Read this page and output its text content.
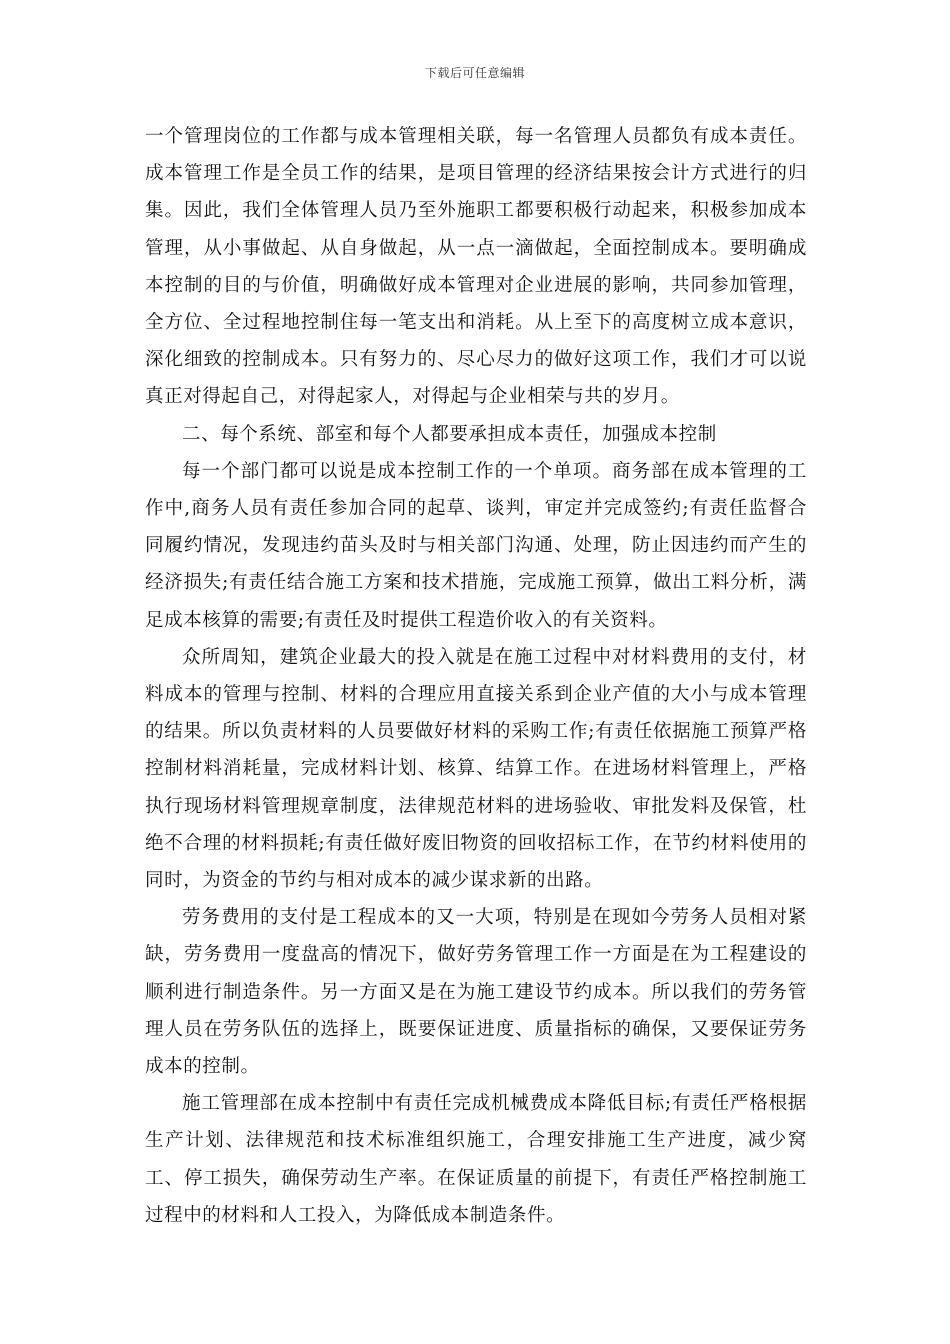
下载后可任意编辑

一个管理岗位的工作都与成本管理相关联，每一名管理人员都负有成本责任。成本管理工作是全员工作的结果，是项目管理的经济结果按会计方式进行的归集。因此，我们全体管理人员乃至外施职工都要积极行动起来，积极参加成本管理，从小事做起、从自身做起，从一点一滴做起，全面控制成本。要明确成本控制的目的与价值，明确做好成本管理对企业进展的影响，共同参加管理，全方位、全过程地控制住每一笔支出和消耗。从上至下的高度树立成本意识，深化细致的控制成本。只有努力的、尽心尽力的做好这项工作，我们才可以说真正对得起自己，对得起家人，对得起与企业相荣与共的岁月。

二、每个系统、部室和每个人都要承担成本责任，加强成本控制

每一个部门都可以说是成本控制工作的一个单项。商务部在成本管理的工作中,商务人员有责任参加合同的起草、谈判，审定并完成签约;有责任监督合同履约情况，发现违约苗头及时与相关部门沟通、处理，防止因违约而产生的经济损失;有责任结合施工方案和技术措施，完成施工预算，做出工料分析，满足成本核算的需要;有责任及时提供工程造价收入的有关资料。

众所周知，建筑企业最大的投入就是在施工过程中对材料费用的支付，材料成本的管理与控制、材料的合理应用直接关系到企业产值的大小与成本管理的结果。所以负责材料的人员要做好材料的采购工作;有责任依据施工预算严格控制材料消耗量，完成材料计划、核算、结算工作。在进场材料管理上，严格执行现场材料管理规章制度，法律规范材料的进场验收、审批发料及保管，杜绝不合理的材料损耗;有责任做好废旧物资的回收招标工作，在节约材料使用的同时，为资金的节约与相对成本的减少谋求新的出路。

劳务费用的支付是工程成本的又一大项，特别是在现如今劳务人员相对紧缺，劳务费用一度盘高的情况下，做好劳务管理工作一方面是在为工程建设的顺利进行制造条件。另一方面又是在为施工建设节约成本。所以我们的劳务管理人员在劳务队伍的选择上，既要保证进度、质量指标的确保，又要保证劳务成本的控制。

施工管理部在成本控制中有责任完成机械费成本降低目标;有责任严格根据生产计划、法律规范和技术标准组织施工，合理安排施工生产进度，减少窝工、停工损失，确保劳动生产率。在保证质量的前提下，有责任严格控制施工过程中的材料和人工投入，为降低成本制造条件。
